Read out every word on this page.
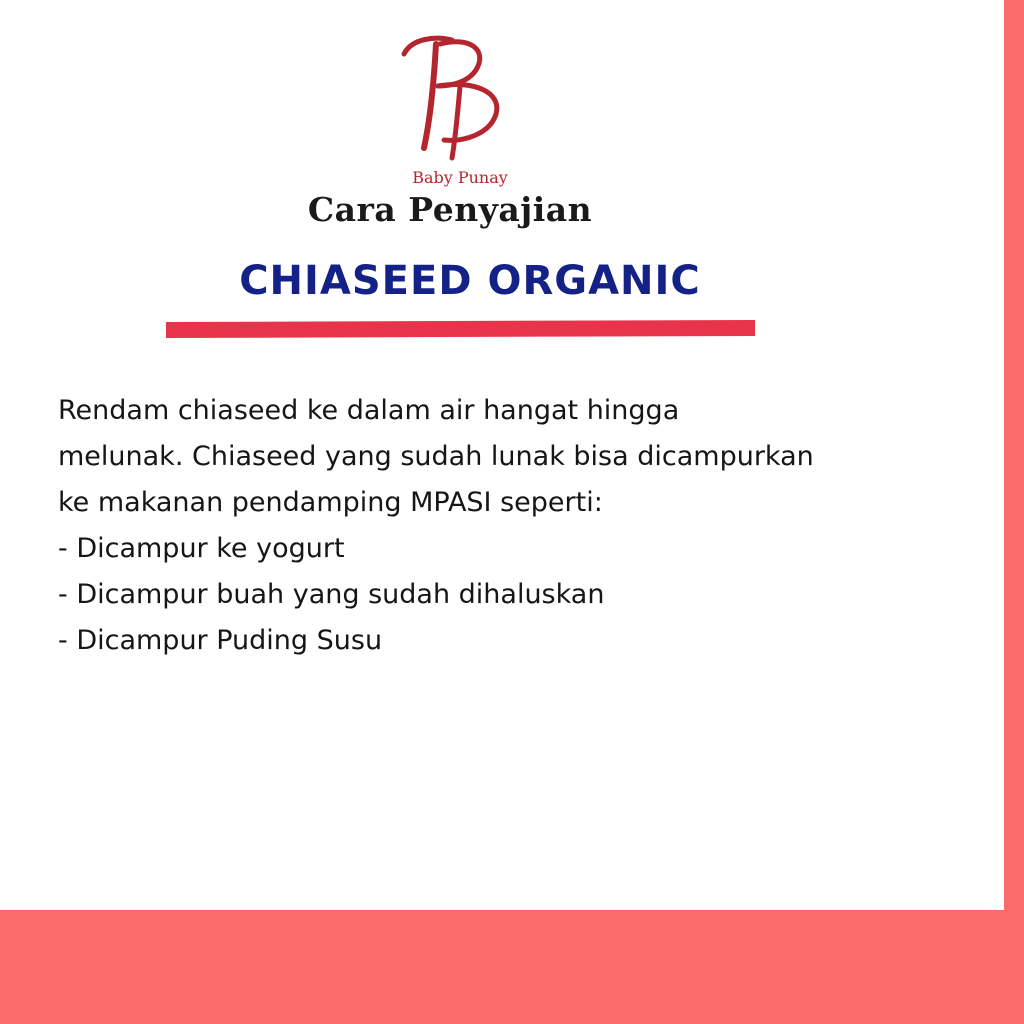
Baby Punay
Cara Penyajian
CHIASEED ORGANIC
Rendam chiaseed ke dalam air hangat hingga
melunak. Chiaseed yang sudah lunak bisa dicampurkan
ke makanan pendamping MPASI seperti:
- Dicampur ke yogurt
- Dicampur buah yang sudah dihaluskan
- Dicampur Puding Susu
